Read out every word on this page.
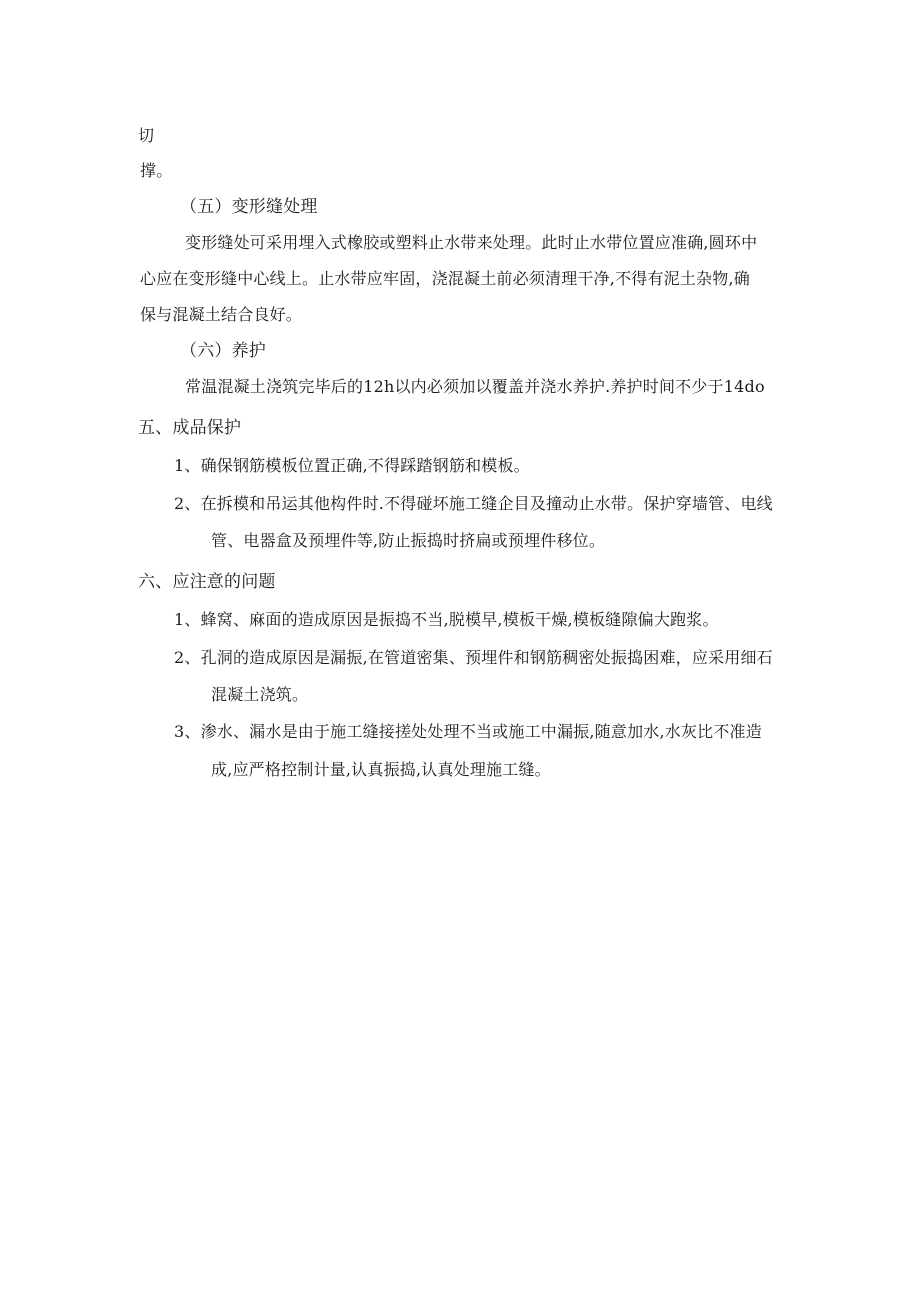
切
撑。
（五）变形缝处理
变形缝处可采用埋入式橡胶或塑料止水带来处理。此时止水带位置应准确,圆环中
心应在变形缝中心线上。止水带应牢固，浇混凝土前必须清理干净,不得有泥土杂物,确
保与混凝土结合良好。
（六）养护
常温混凝土浇筑完毕后的12h以内必须加以覆盖并浇水养护.养护时间不少于14do
五、成品保护
1、确保钢筋模板位置正确,不得踩踏钢筋和模板。
2、在拆模和吊运其他构件时.不得碰坏施工缝企目及撞动止水带。保护穿墙管、电线
管、电器盒及预埋件等,防止振捣时挤扁或预埋件移位。
六、应注意的问题
1、蜂窝、麻面的造成原因是振捣不当,脱模早,模板干燥,模板缝隙偏大跑浆。
2、孔洞的造成原因是漏振,在管道密集、预埋件和钢筋稠密处振捣困难，应采用细石
混凝土浇筑。
3、渗水、漏水是由于施工缝接搓处处理不当或施工中漏振,随意加水,水灰比不准造
成,应严格控制计量,认真振捣,认真处理施工缝。
